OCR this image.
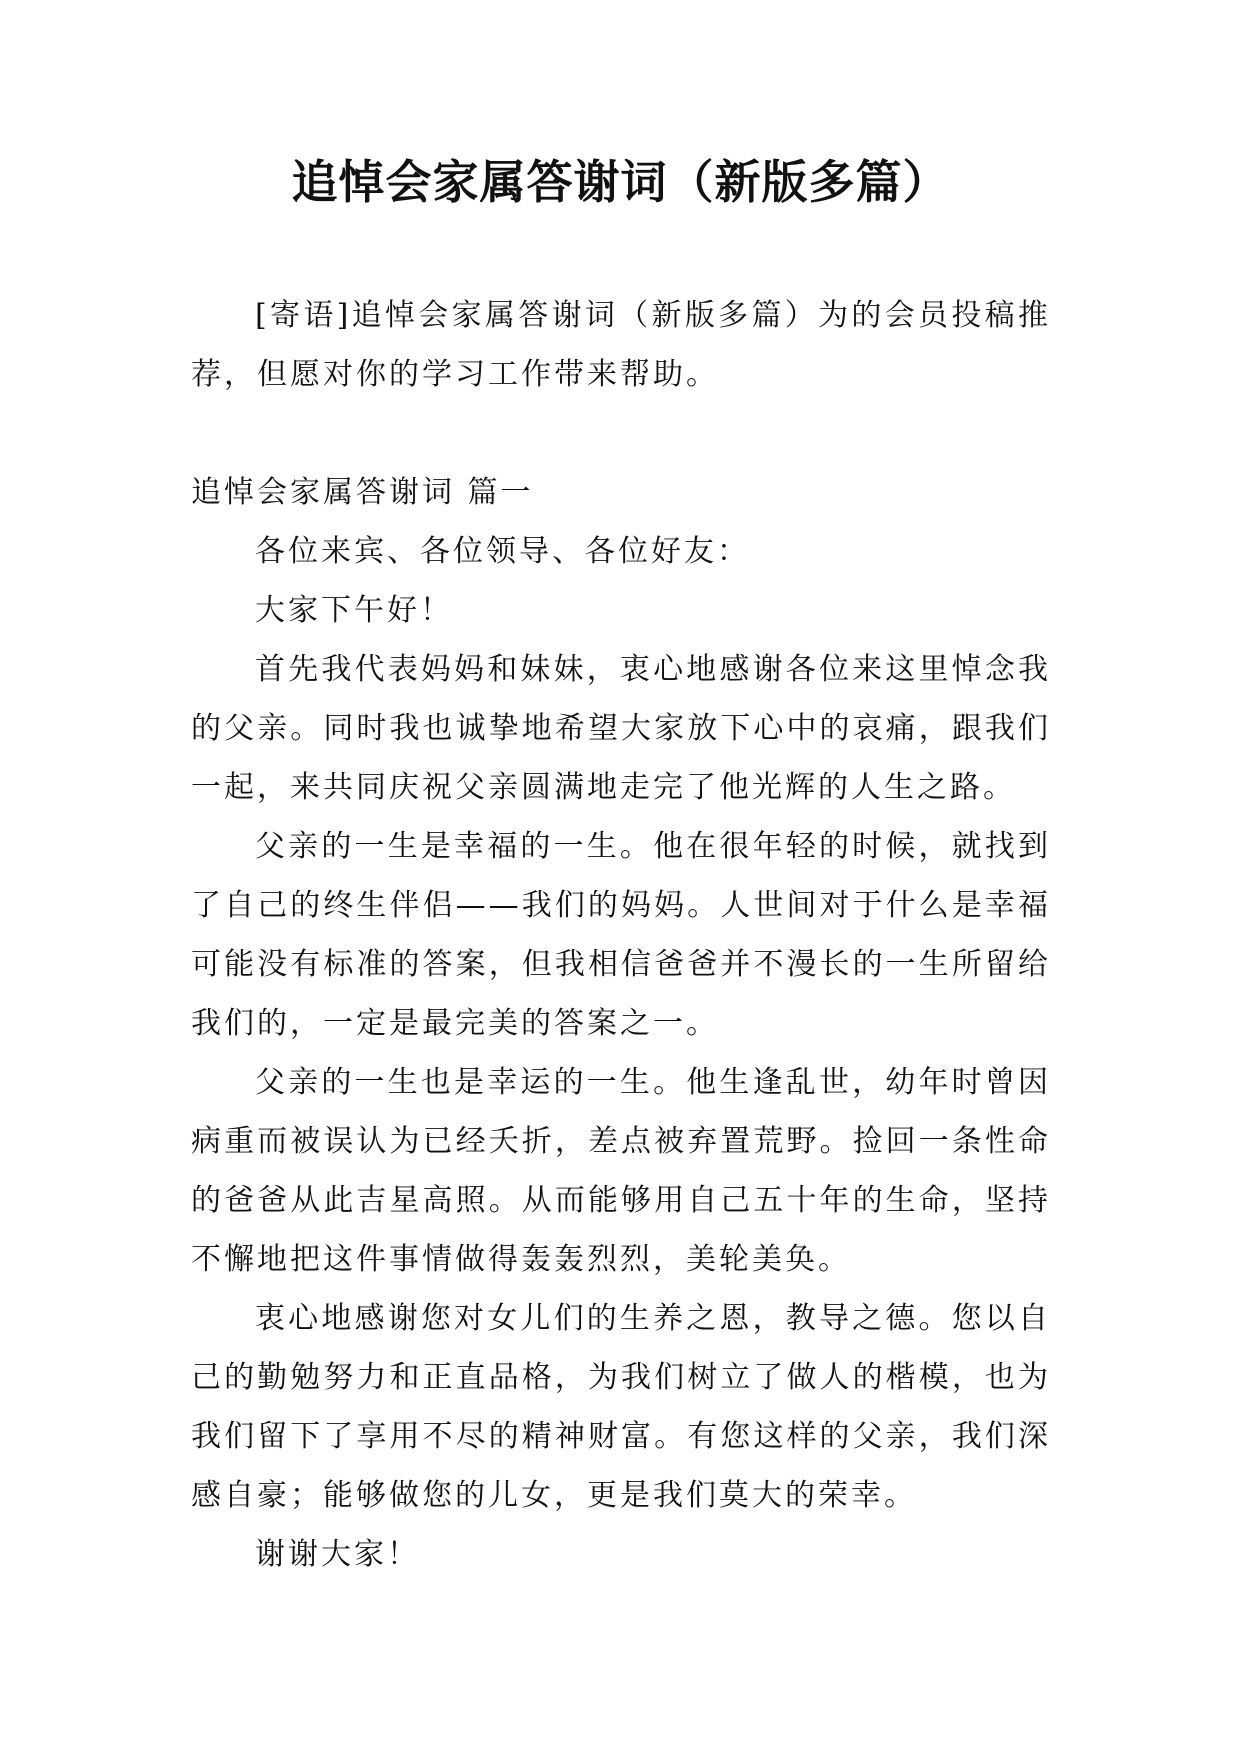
追悼会家属答谢词（新版多篇）

[寄语]追悼会家属答谢词（新版多篇）为的会员投稿推荐，但愿对你的学习工作带来帮助。

追悼会家属答谢词 篇一

各位来宾、各位领导、各位好友：

大家下午好！

首先我代表妈妈和妹妹，衷心地感谢各位来这里悼念我的父亲。同时我也诚挚地希望大家放下心中的哀痛，跟我们一起，来共同庆祝父亲圆满地走完了他光辉的人生之路。

父亲的一生是幸福的一生。他在很年轻的时候，就找到了自己的终生伴侣——我们的妈妈。人世间对于什么是幸福可能没有标准的答案，但我相信爸爸并不漫长的一生所留给我们的，一定是最完美的答案之一。

父亲的一生也是幸运的一生。他生逢乱世，幼年时曾因病重而被误认为已经夭折，差点被弃置荒野。捡回一条性命的爸爸从此吉星高照。从而能够用自己五十年的生命，坚持不懈地把这件事情做得轰轰烈烈，美轮美奂。

衷心地感谢您对女儿们的生养之恩，教导之德。您以自己的勤勉努力和正直品格，为我们树立了做人的楷模，也为我们留下了享用不尽的精神财富。有您这样的父亲，我们深感自豪；能够做您的儿女，更是我们莫大的荣幸。

谢谢大家！
